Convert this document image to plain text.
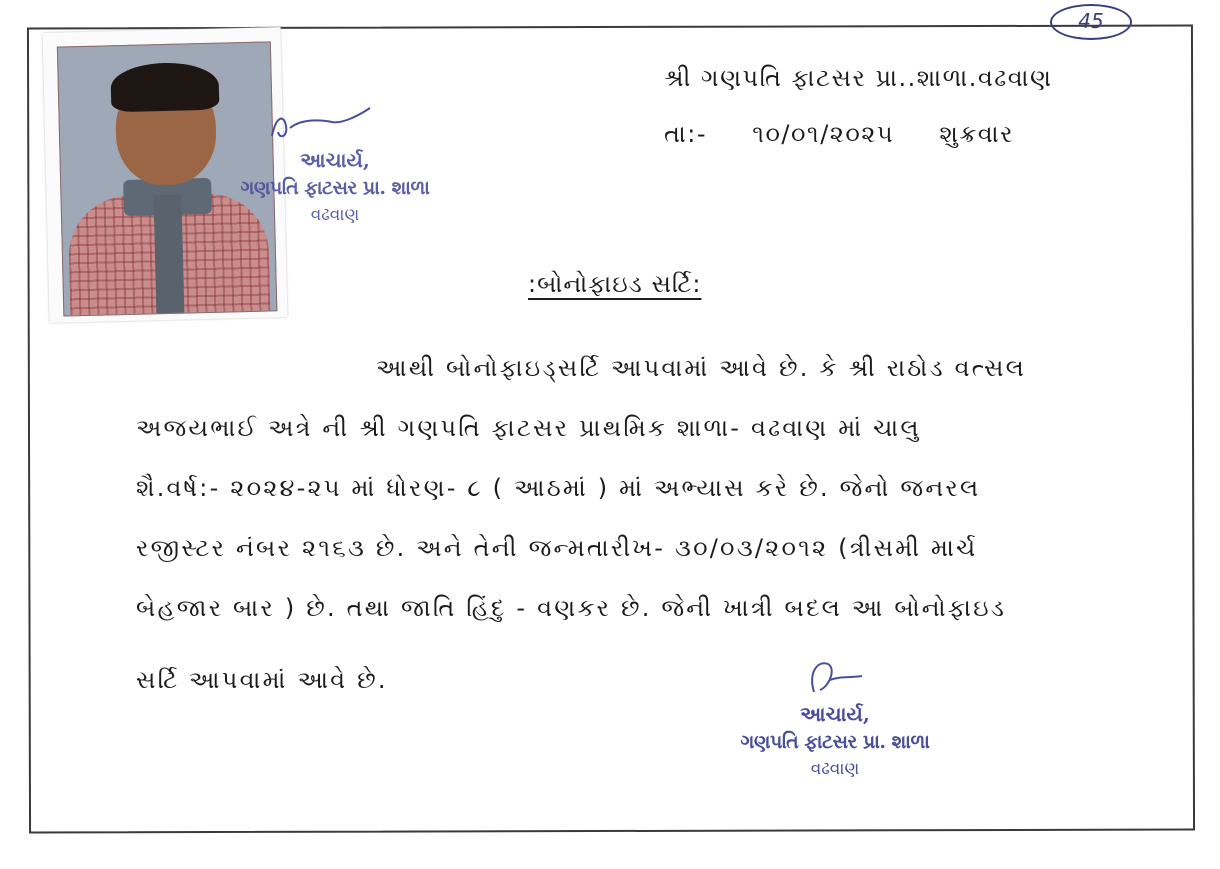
45
આચાર્ય,
ગણપતિ ફાટસર પ્રા. શાળા
વઢવાણ
શ્રી ગણપતિ ફાટસર પ્રા..શાળા.વઢવાણ
તા:- ૧૦/૦૧/૨૦૨૫ શુક્રવાર
:બોનોફાઇડ સર્ટિ:
આથી બોનોફાઇડ્સર્ટિ આપવામાં આવે છે. કે શ્રી રાઠોડ વત્સલ
અજયભાઈ અત્રે ની શ્રી ગણપતિ ફાટસર પ્રાથમિક શાળા- વઢવાણ માં ચાલુ
શૈ.વર્ષ:- ૨૦૨૪-૨૫ માં ધોરણ- ૮ ( આઠમાં ) માં અભ્યાસ કરે છે. જેનો જનરલ
રજીસ્ટર નંબર ૨૧૬૩ છે. અને તેની જન્મતારીખ- ૩૦/૦૩/૨૦૧૨ (ત્રીસમી માર્ચ
બેહજાર બાર ) છે. તથા જાતિ હિંદુ - વણકર છે. જેની ખાત્રી બદલ આ બોનોફાઇડ
સર્ટિ આપવામાં આવે છે.
આચાર્ય,
ગણપતિ ફાટસર પ્રા. શાળા
વઢવાણ
